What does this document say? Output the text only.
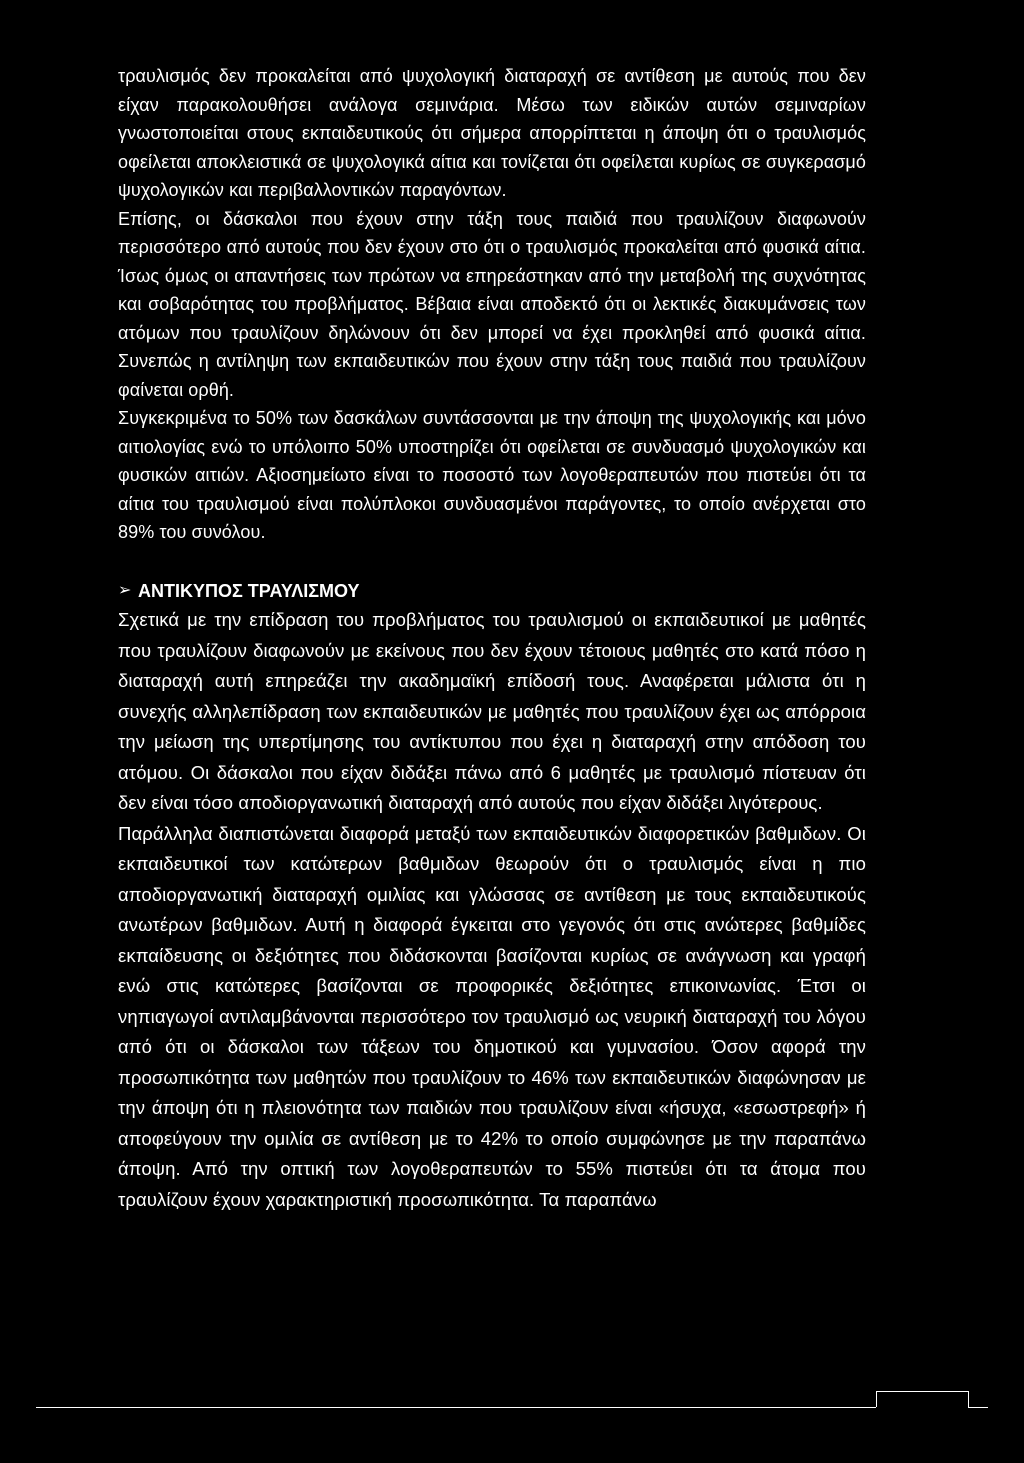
τραυλισμός δεν προκαλείται από ψυχολογική διαταραχή σε αντίθεση με αυτούς που δεν είχαν παρακολουθήσει ανάλογα σεμινάρια. Μέσω των ειδικών αυτών σεμιναρίων γνωστοποιείται στους εκπαιδευτικούς ότι σήμερα απορρίπτεται η άποψη ότι ο τραυλισμός οφείλεται αποκλειστικά σε ψυχολογικά αίτια και τονίζεται ότι οφείλεται κυρίως σε συγκερασμό ψυχολογικών και περιβαλλοντικών παραγόντων.

Επίσης, οι δάσκαλοι που έχουν στην τάξη τους παιδιά που τραυλίζουν διαφωνούν περισσότερο από αυτούς που δεν έχουν στο ότι ο τραυλισμός προκαλείται από φυσικά αίτια. Ίσως όμως οι απαντήσεις των πρώτων να επηρεάστηκαν από την μεταβολή της συχνότητας και σοβαρότητας του προβλήματος. Βέβαια είναι αποδεκτό ότι οι λεκτικές διακυμάνσεις των ατόμων που τραυλίζουν δηλώνουν ότι δεν μπορεί να έχει προκληθεί από φυσικά αίτια. Συνεπώς η αντίληψη των εκπαιδευτικών που έχουν στην τάξη τους παιδιά που τραυλίζουν φαίνεται ορθή.

Συγκεκριμένα το 50% των δασκάλων συντάσσονται με την άποψη της ψυχολογικής και μόνο αιτιολογίας ενώ το υπόλοιπο 50% υποστηρίζει ότι οφείλεται σε συνδυασμό ψυχολογικών και φυσικών αιτιών. Αξιοσημείωτο είναι το ποσοστό των λογοθεραπευτών που πιστεύει ότι τα αίτια του τραυλισμού είναι πολύπλοκοι συνδυασμένοι παράγοντες, το οποίο ανέρχεται στο 89% του συνόλου.

➢ ΑΝΤΙΚΥΠΟΣ ΤΡΑΥΛΙΣΜΟΥ

Σχετικά με την επίδραση του προβλήματος του τραυλισμού οι εκπαιδευτικοί με μαθητές που τραυλίζουν διαφωνούν με εκείνους που δεν έχουν τέτοιους μαθητές στο κατά πόσο η διαταραχή αυτή επηρεάζει την ακαδημαϊκή επίδοσή τους. Αναφέρεται μάλιστα ότι η συνεχής αλληλεπίδραση των εκπαιδευτικών με μαθητές που τραυλίζουν έχει ως απόρροια την μείωση της υπερτίμησης του αντίκτυπου που έχει η διαταραχή στην απόδοση του ατόμου. Οι δάσκαλοι που είχαν διδάξει πάνω από 6 μαθητές με τραυλισμό πίστευαν ότι δεν είναι τόσο αποδιοργανωτική διαταραχή από αυτούς που είχαν διδάξει λιγότερους.

Παράλληλα διαπιστώνεται διαφορά μεταξύ των εκπαιδευτικών διαφορετικών βαθμιδων. Οι εκπαιδευτικοί των κατώτερων βαθμιδων θεωρούν ότι ο τραυλισμός είναι η πιο αποδιοργανωτική διαταραχή ομιλίας και γλώσσας σε αντίθεση με τους εκπαιδευτικούς ανωτέρων βαθμιδων. Αυτή η διαφορά έγκειται στο γεγονός ότι στις ανώτερες βαθμίδες εκπαίδευσης οι δεξιότητες που διδάσκονται βασίζονται κυρίως σε ανάγνωση και γραφή ενώ στις κατώτερες βασίζονται σε προφορικές δεξιότητες επικοινωνίας. Έτσι οι νηπιαγωγοί αντιλαμβάνονται περισσότερο τον τραυλισμό ως νευρική διαταραχή του λόγου από ότι οι δάσκαλοι των τάξεων του δημοτικού και γυμνασίου. Όσον αφορά την προσωπικότητα των μαθητών που τραυλίζουν το 46% των εκπαιδευτικών διαφώνησαν με την άποψη ότι η πλειονότητα των παιδιών που τραυλίζουν είναι «ήσυχα, «εσωστρεφή» ή αποφεύγουν την ομιλία σε αντίθεση με το 42% το οποίο συμφώνησε με την παραπάνω άποψη. Από την οπτική των λογοθεραπευτών το 55% πιστεύει ότι τα άτομα που τραυλίζουν έχουν χαρακτηριστική προσωπικότητα. Τα παραπάνω
